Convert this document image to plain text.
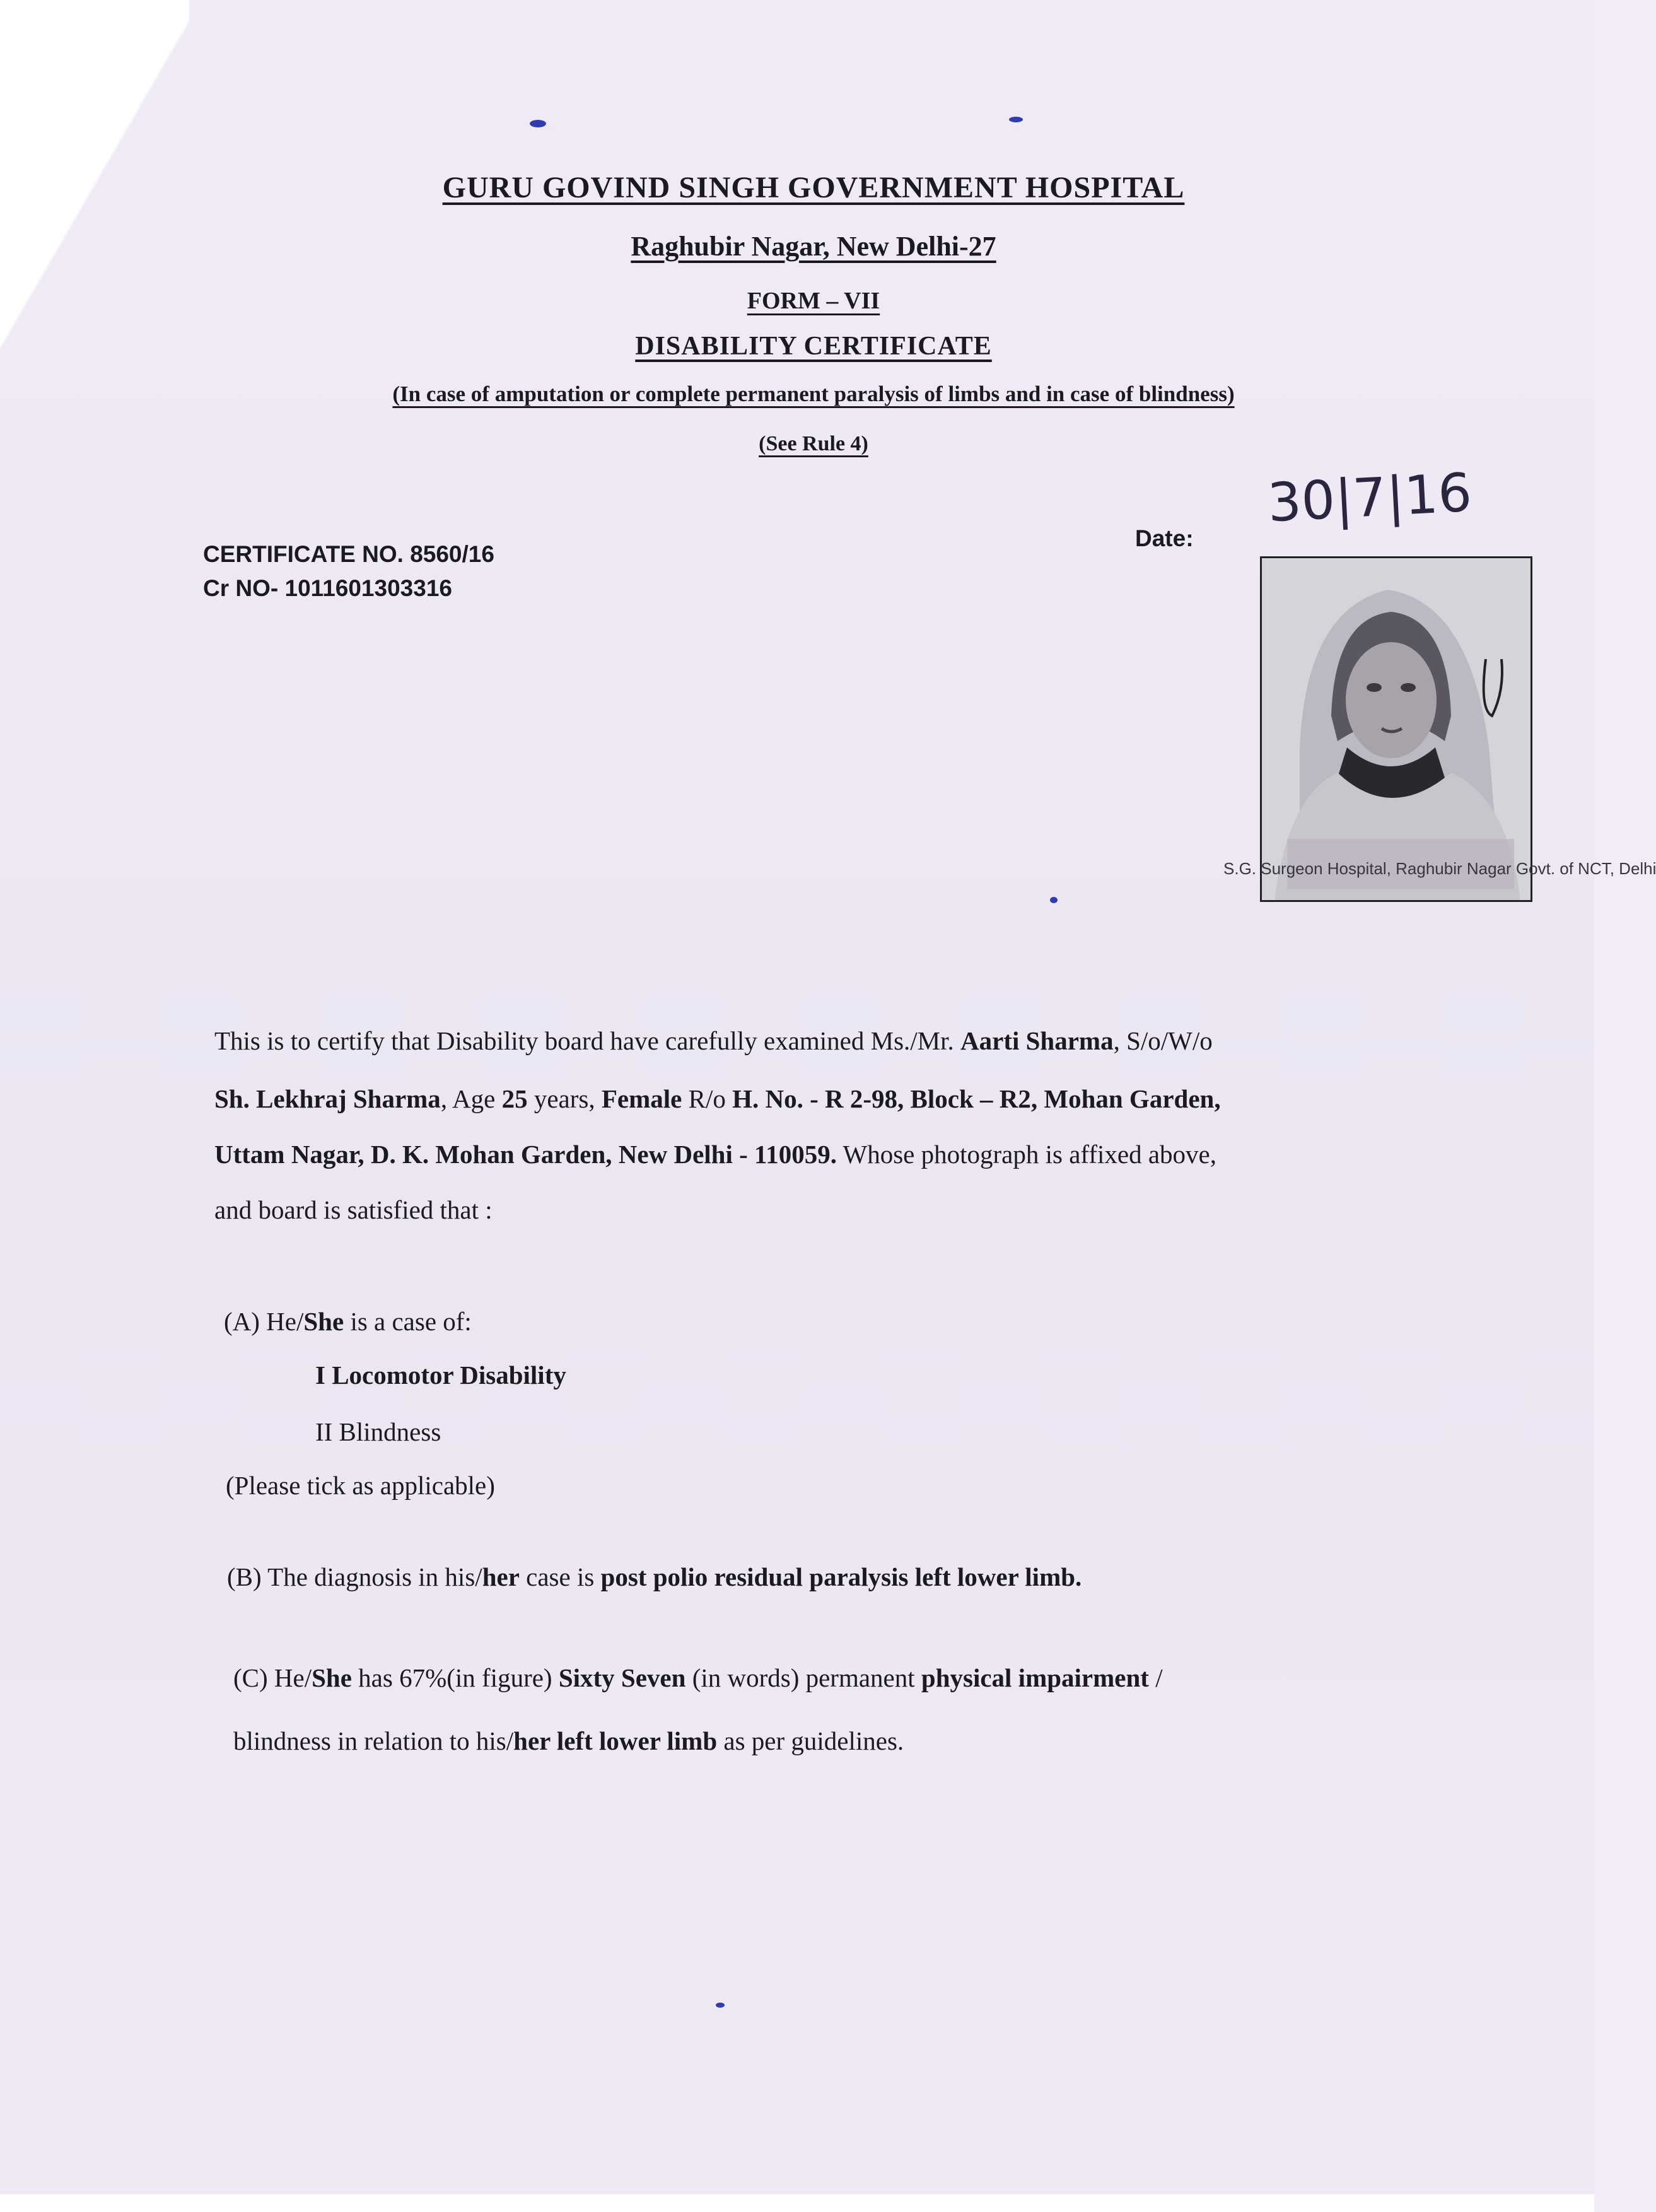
GURU GOVIND SINGH GOVERNMENT HOSPITAL
Raghubir Nagar, New Delhi-27
FORM – VII
DISABILITY CERTIFICATE
(In case of amputation or complete permanent paralysis of limbs and in case of blindness)
(See Rule 4)
CERTIFICATE NO. 8560/16
Cr NO- 1011601303316
Date:
30|7|16
S.G. Surgeon Hospital, Raghubir Nagar Govt. of NCT, Delhi
This is to certify that Disability board have carefully examined Ms./Mr. Aarti Sharma, S/o/W/o
Sh. Lekhraj Sharma, Age 25 years, Female R/o H. No. - R 2-98, Block – R2, Mohan Garden,
Uttam Nagar, D. K. Mohan Garden, New Delhi - 110059. Whose photograph is affixed above,
and board is satisfied that :
(A) He/She is a case of:
I Locomotor Disability
II Blindness
(Please tick as applicable)
(B) The diagnosis in his/her case is post polio residual paralysis left lower limb.
(C) He/She has 67%(in figure) Sixty Seven (in words) permanent physical impairment /
blindness in relation to his/her left lower limb as per guidelines.
